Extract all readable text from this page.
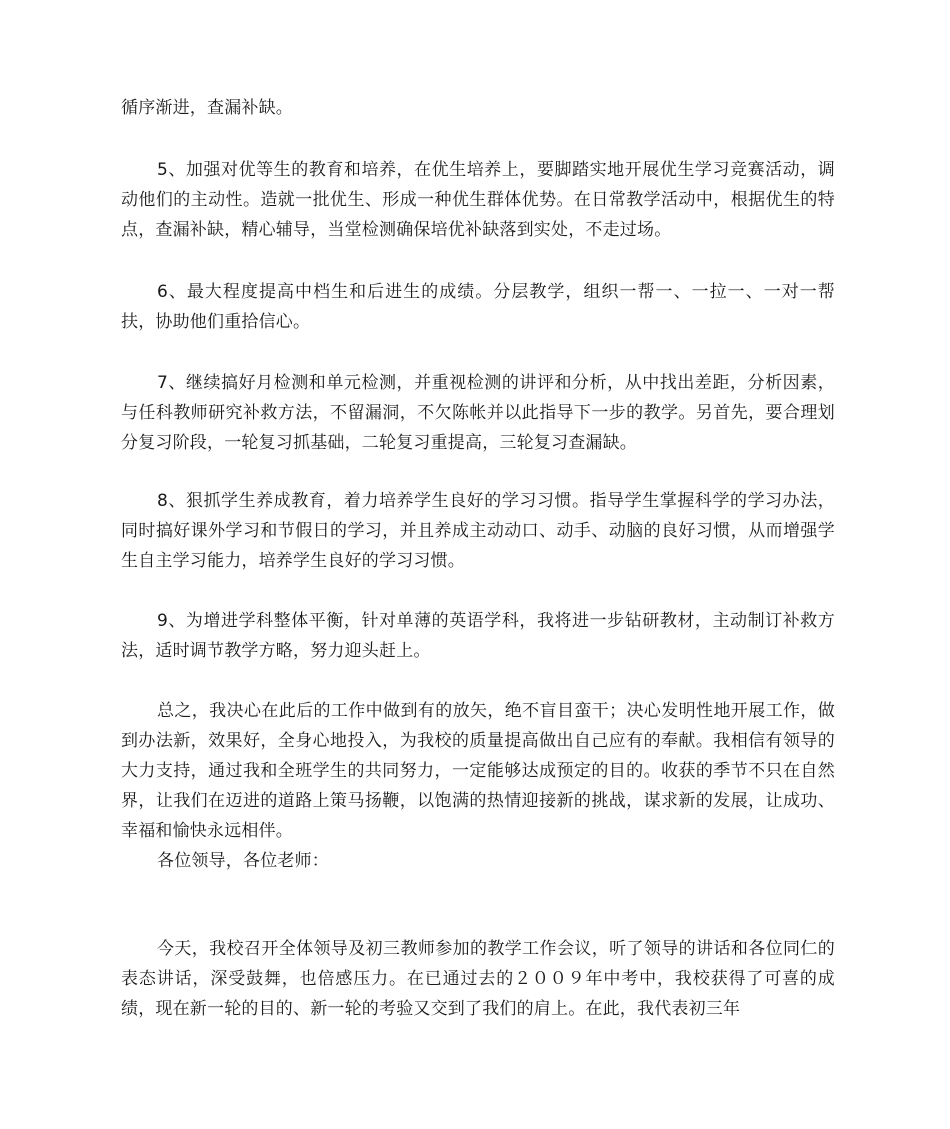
循序渐进，查漏补缺。

5、加强对优等生的教育和培养，在优生培养上，要脚踏实地开展优生学习竞赛活动，调动他们的主动性。造就一批优生、形成一种优生群体优势。在日常教学活动中，根据优生的特点，查漏补缺，精心辅导，当堂检测确保培优补缺落到实处，不走过场。

6、最大程度提高中档生和后进生的成绩。分层教学，组织一帮一、一拉一、一对一帮扶，协助他们重拾信心。

7、继续搞好月检测和单元检测，并重视检测的讲评和分析，从中找出差距，分析因素，与任科教师研究补救方法，不留漏洞，不欠陈帐并以此指导下一步的教学。另首先，要合理划分复习阶段，一轮复习抓基础，二轮复习重提高，三轮复习查漏缺。

8、狠抓学生养成教育，着力培养学生良好的学习习惯。指导学生掌握科学的学习办法，同时搞好课外学习和节假日的学习，并且养成主动动口、动手、动脑的良好习惯，从而增强学生自主学习能力，培养学生良好的学习习惯。

9、为增进学科整体平衡，针对单薄的英语学科，我将进一步钻研教材，主动制订补救方法，适时调节教学方略，努力迎头赶上。

总之，我决心在此后的工作中做到有的放矢，绝不盲目蛮干；决心发明性地开展工作，做到办法新，效果好，全身心地投入，为我校的质量提高做出自己应有的奉献。我相信有领导的大力支持，通过我和全班学生的共同努力，一定能够达成预定的目的。收获的季节不只在自然界，让我们在迈进的道路上策马扬鞭，以饱满的热情迎接新的挑战，谋求新的发展，让成功、幸福和愉快永远相伴。

各位领导，各位老师：

今天，我校召开全体领导及初三教师参加的教学工作会议，听了领导的讲话和各位同仁的表态讲话，深受鼓舞，也倍感压力。在已通过去的２００９年中考中，我校获得了可喜的成绩，现在新一轮的目的、新一轮的考验又交到了我们的肩上。在此，我代表初三年
